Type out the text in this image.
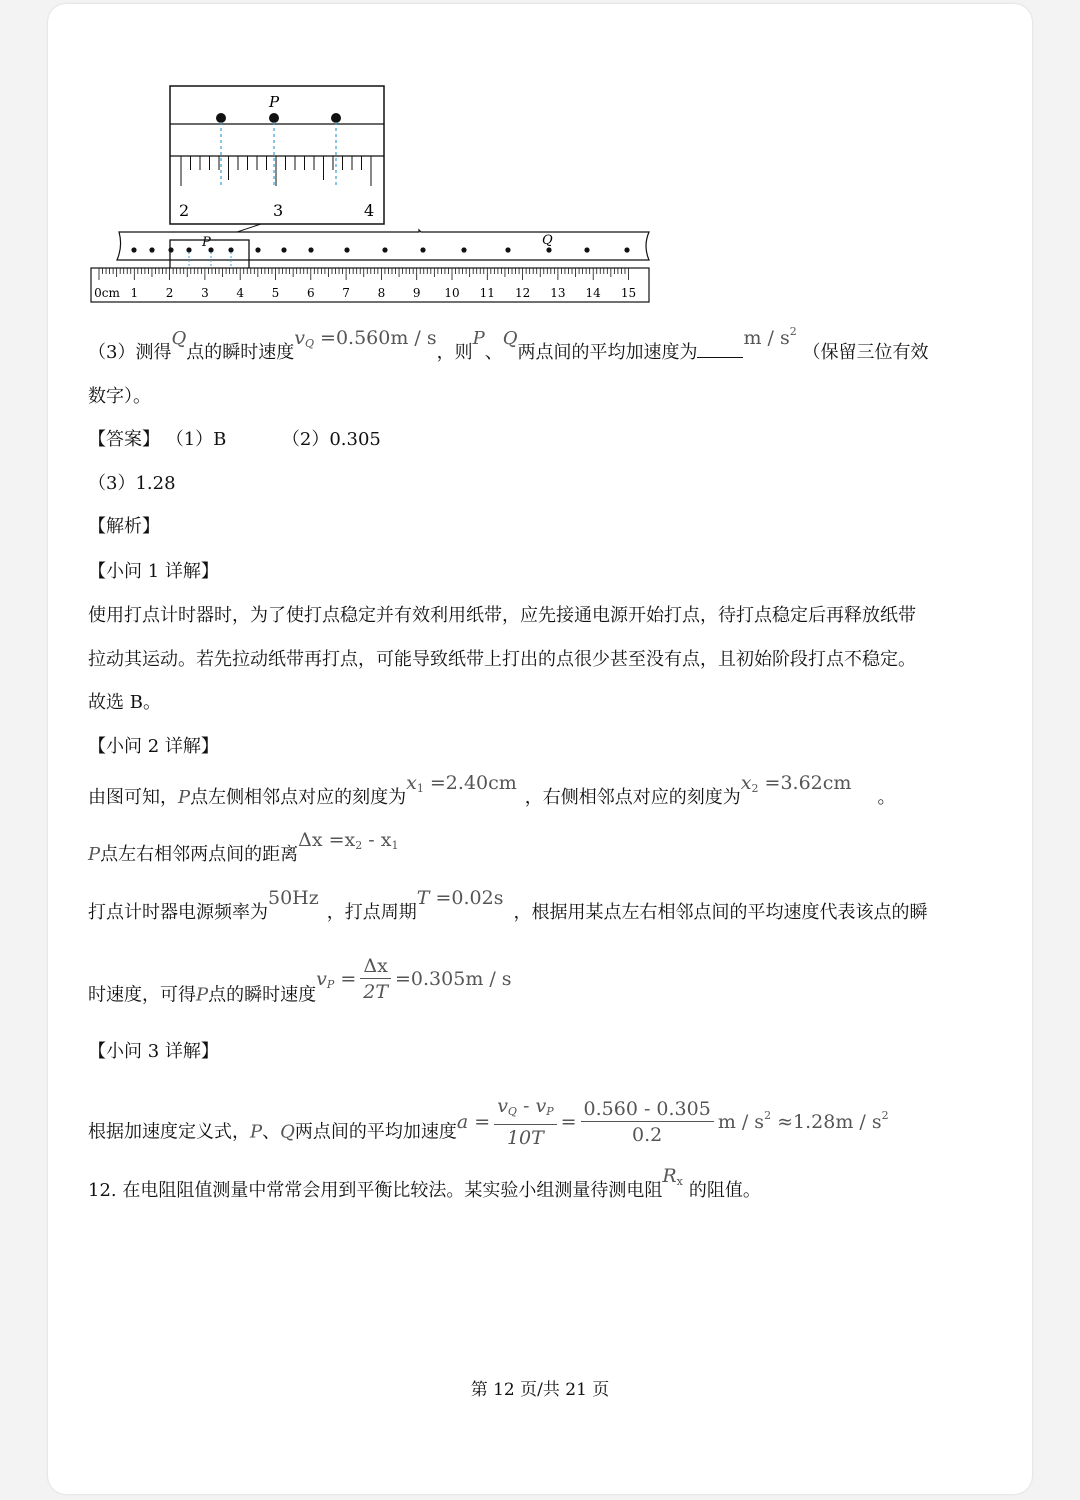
P
2	3	4
P	Q
0cm 1 2 3 4 5 6 7 8 9 10 11 12 13 14 15
（3）测得Q点的瞬时速度$v_Q =0.560m / s$，则P、Q两点间的平均加速度为m / $s^2$ （保留三位有效
数字）。
【答案】 （1）B	（2）0.305
（3）1.28
【解析】
【小问 1 详解】
使用打点计时器时，为了使打点稳定并有效利用纸带，应先接通电源开始打点，待打点稳定后再释放纸带
拉动其运动。若先拉动纸带再打点，可能导致纸带上打出的点很少甚至没有点，且初始阶段打点不稳定。
故选 B。
【小问 2 详解】
由图可知，P点左侧相邻点对应的刻度为$x_1 =2.40cm$，右侧相邻点对应的刻度为$x_2 =3.62cm$。
P点左右相邻两点间的距离$\Delta x =x_2 - x_1$
打点计时器电源频率为50Hz，打点周期T =0.02s，根据用某点左右相邻点间的平均速度代表该点的瞬
时速度，可得P点的瞬时速度$v_P = \frac{\Delta x}{2T} =0.305m / s$
【小问 3 详解】
根据加速度定义式，P、Q两点间的平均加速度$a = \frac{v_Q - v_P}{10T} = \frac{0.560 - 0.305}{0.2}$ $m / s^2 \approx 1.28m / s^2$
12. 在电阻阻值测量中常常会用到平衡比较法。某实验小组测量待测电阻$R_x$ 的阻值。
第 12 页/共 21 页
